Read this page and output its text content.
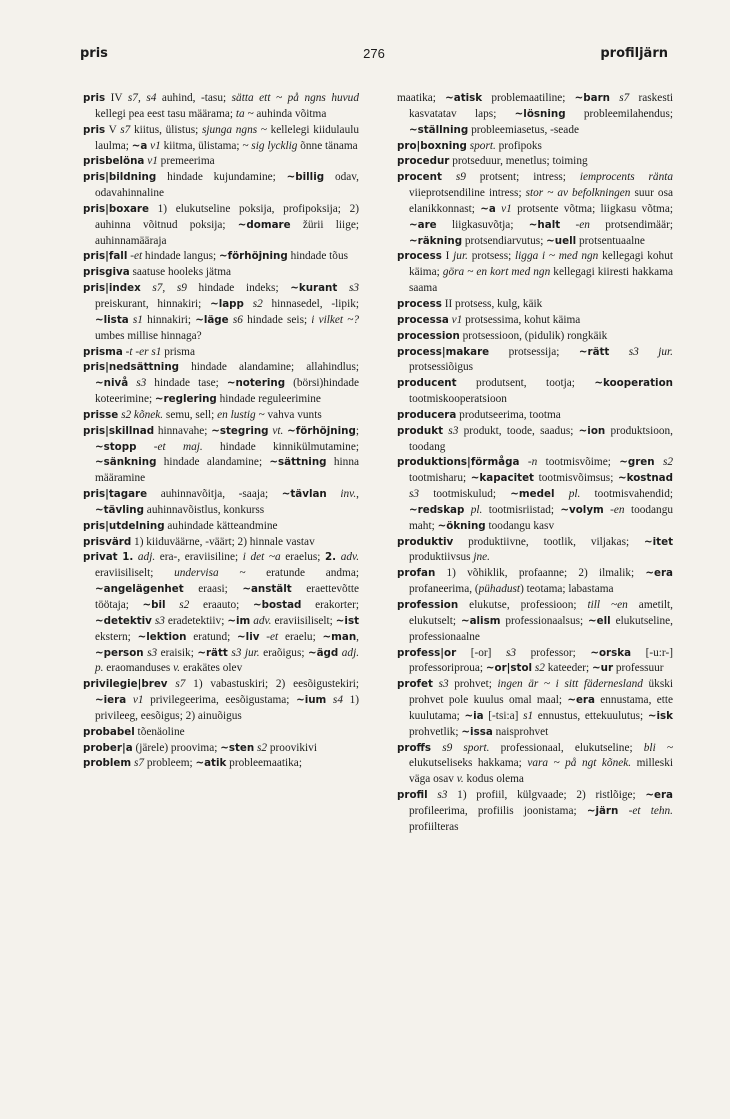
pris	276	profiljärn

pris IV s7, s4 auhind, -tasu; sätta ett ~ på ngns huvud kellegi pea eest tasu määrama; ta ~ auhinda võitma

pris V s7 kiitus, ülistus; sjunga ngns ~ kellelegi kiidulaulu laulma; ~a v1 kiitma, ülistama; ~ sig lycklig õnne tänama

prisbelöna v1 premeerima

pris|bildning hindade kujundamine; ~billig odav, odavahinnaline

pris|boxare 1) elukutseline poksija, profipoksija; 2) auhinna võitnud poksija; ~domare žürii liige; auhinnamääraja

pris|fall -et hindade langus; ~förhöjning hindade tõus

prisgiva saatuse hooleks jätma

pris|index s7, s9 hindade indeks; ~kurant s3 preiskurant, hinnakiri; ~lapp s2 hinnasedel, -lipik; ~lista s1 hinnakiri; ~läge s6 hindade seis; i vilket ~? umbes millise hinnaga?

prisma -t -er s1 prisma

pris|nedsättning hindade alandamine; allahindlus; ~nivå s3 hindade tase; ~notering (börsi)hindade koteerimine; ~reglering hindade reguleerimine

prisse s2 kõnek. semu, sell; en lustig ~ vahva vunts

pris|skillnad hinnavahe; ~stegring vt. ~förhöjning; ~stopp -et maj. hindade kinnikülmutamine; ~sänkning hindade alandamine; ~sättning hinna määramine

pris|tagare auhinnavõitja, -saaja; ~tävlan inv., ~tävling auhinnavõistlus, konkurss

pris|utdelning auhindade kätteandmine

prisvärd 1) kiiduväärne, -väärt; 2) hinnale vastav

privat 1. adj. era-, eraviisiline; i det ~a eraelus; 2. adv. eraviisiliselt; undervisa ~ eratunde andma; ~angelägenhet eraasi; ~anstält eraettevõtte töötaja; ~bil s2 eraauto; ~bostad erakorter; ~detektiv s3 eradetektiiv; ~im adv. eraviisiliselt; ~ist ekstern; ~lektion eratund; ~liv -et eraelu; ~man, ~person s3 eraisik; ~rätt s3 jur. eraõigus; ~ägd adj. p. eraomanduses v. erakätes olev

privilegie|brev s7 1) vabastuskiri; 2) eesõigustekiri; ~iera v1 privilegeerima, eesõigustama; ~ium s4 1) privileeg, eesõigus; 2) ainuõigus

probabel tõenäoline

prober|a (järele) proovima; ~sten s2 proovikivi

problem s7 probleem; ~atik probleemaatika;

maatika; ~atisk problemaatiline; ~barn s7 raskesti kasvatatav laps; ~lösning probleemilahendus; ~ställning probleemiasetus, -seade

pro|boxning sport. profipoks

procedur protseduur, menetlus; toiming

procent s9 protsent; intress; iemprocents ränta viieprotsendiline intress; stor ~ av befolkningen suur osa elanikkonnast; ~a v1 protsente võtma; liigkasu võtma; ~are liigkasuvõtja; ~halt -en protsendimäär; ~räkning protsendiarvutus; ~uell protsentuaalne

process I jur. protsess; ligga i ~ med ngn kellegagi kohut käima; göra ~ en kort med ngn kellegagi kiiresti hakkama saama

process II protsess, kulg, käik

processa v1 protsessima, kohut käima

procession protsessioon, (pidulik) rongkäik

process|makare protsessija; ~rätt s3 jur. protsessiõigus

producent produtsent, tootja; ~kooperation tootmiskooperatsioon

producera produtseerima, tootma

produkt s3 produkt, toode, saadus; ~ion produktsioon, toodang

produktions|förmåga -n tootmisvõime; ~gren s2 tootmisharu; ~kapacitet tootmisvõimsus; ~kostnad s3 tootmiskulud; ~medel pl. tootmisvahendid; ~redskap pl. tootmisriistad; ~volym -en toodangu maht; ~ökning toodangu kasv

produktiv produktiivne, tootlik, viljakas; ~itet produktiivsus jne.

profan 1) võhiklik, profaanne; 2) ilmalik; ~era profaneerima, (pühadust) teotama; labastama

profession elukutse, professioon; till ~en ametilt, elukutselt; ~alism professionaalsus; ~ell elukutseline, professionaalne

profess|or [-or] s3 professor; ~orska [-u:r-] professoriproua; ~or|stol s2 kateeder; ~ur professuur

profet s3 prohvet; ingen är ~ i sitt fädernesland ükski prohvet pole kuulus omal maal; ~era ennustama, ette kuulutama; ~ia [-tsi:a] s1 ennustus, ettekuulutus; ~isk prohvetlik; ~issa naisprohvet

proffs s9 sport. professionaal, elukutseline; bli ~ elukutseliseks hakkama; vara ~ på ngt kõnek. milleski väga osav v. kodus olema

profil s3 1) profiil, külgvaade; 2) ristlõige; ~era profileerima, profiilis joonistama; ~järn -et tehn. profiilteras
